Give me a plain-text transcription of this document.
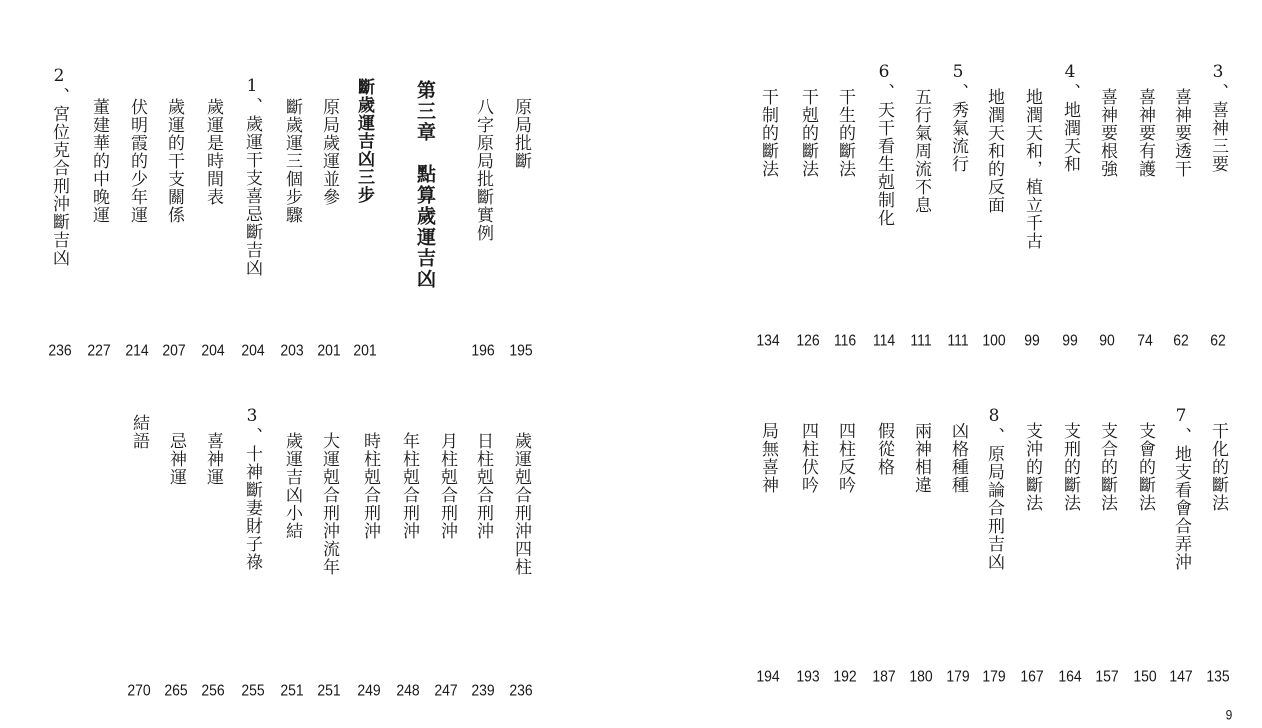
原局批斷
195
八字原局批斷實例
196
第三章　點算歲運吉凶
斷歲運吉凶三步
201
原局歲運並參
201
斷歲運三個步驟
203
1、歲運干支喜忌斷吉凶
204
歲運是時間表
204
歲運的干支關係
207
伏明霞的少年運
214
董建華的中晚運
227
2、宮位克合刑沖斷吉凶
236
歲運剋合刑沖四柱
236
日柱剋合刑沖
239
月柱剋合刑沖
247
年柱剋合刑沖
248
時柱剋合刑沖
249
大運剋合刑沖流年
251
歲運吉凶小結
251
3、十神斷妻財子祿
255
喜神運
256
忌神運
265
結語
270
3、喜神三要
62
喜神要透干
62
喜神要有護
74
喜神要根強
90
4、地潤天和
99
地潤天和，植立千古
99
地潤天和的反面
100
5、秀氣流行
111
五行氣周流不息
111
6、天干看生剋制化
114
干生的斷法
116
干剋的斷法
126
干制的斷法
134
干化的斷法
135
7、地支看會合弄沖
147
支會的斷法
150
支合的斷法
157
支刑的斷法
164
支沖的斷法
167
8、原局論合刑吉凶
179
凶格種種
179
兩神相違
180
假從格
187
四柱反吟
192
四柱伏吟
193
局無喜神
194
9
